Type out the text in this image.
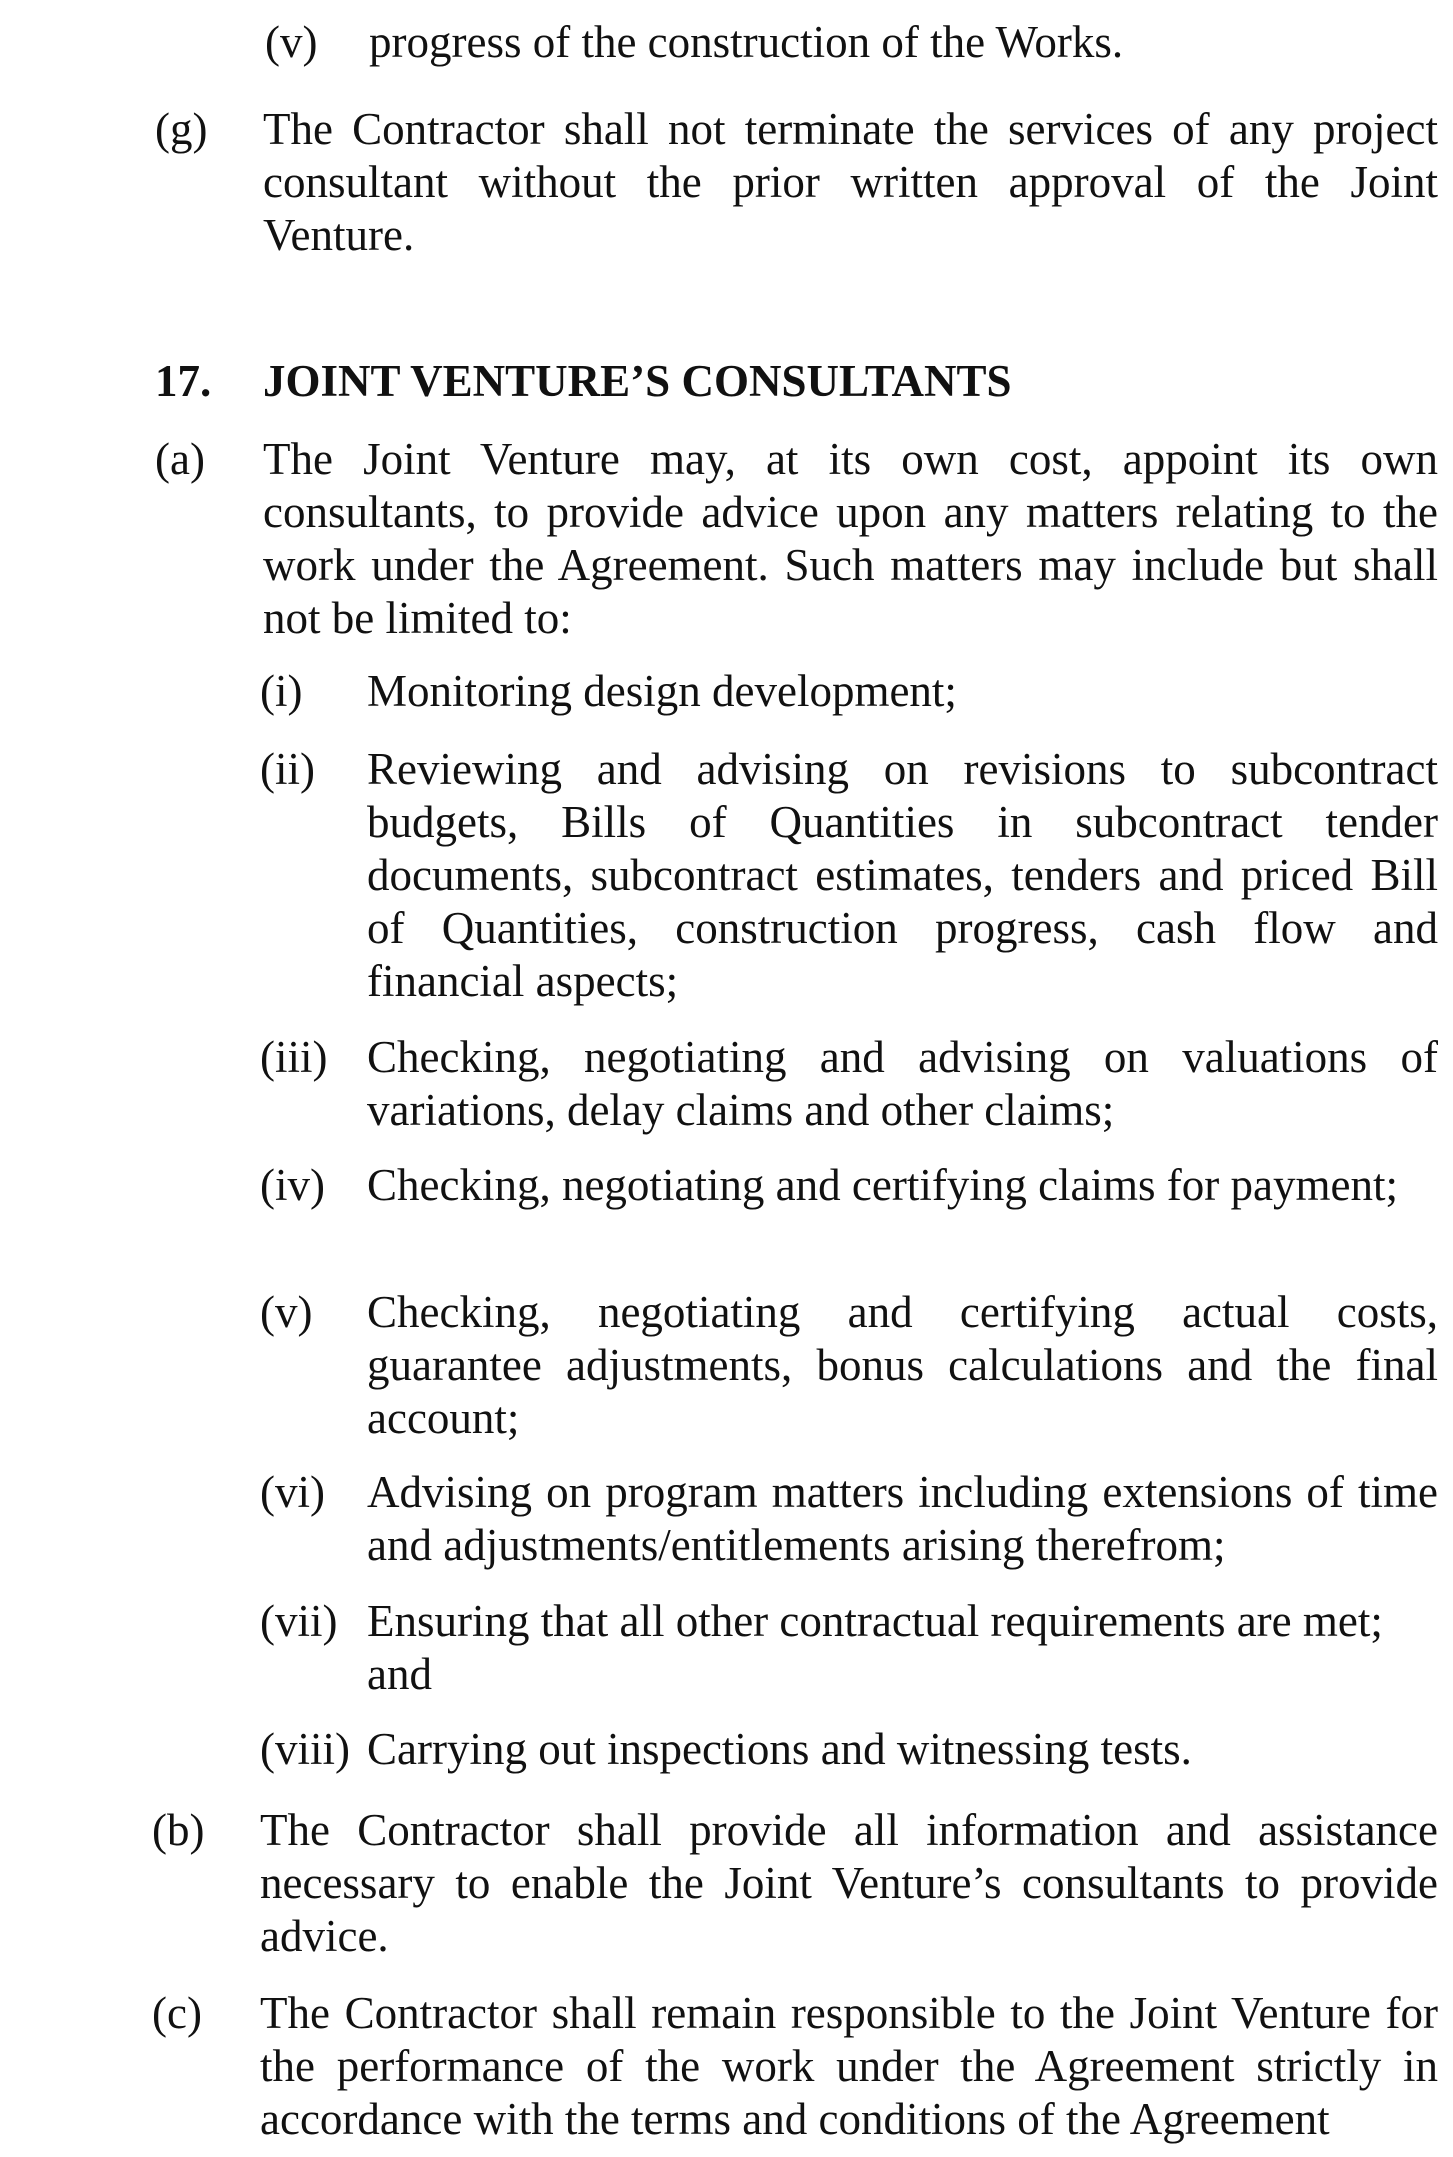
(v)	progress of the construction of the Works.
(g)	The Contractor shall not terminate the services of any project consultant without the prior written approval of the Joint Venture.
17.	JOINT VENTURE’S CONSULTANTS
(a)	The Joint Venture may, at its own cost, appoint its own consultants, to provide advice upon any matters relating to the work under the Agreement. Such matters may include but shall not be limited to:
(i)	Monitoring design development;
(ii)	Reviewing and advising on revisions to subcontract budgets, Bills of Quantities in subcontract tender documents, subcontract estimates, tenders and priced Bill of Quantities, construction progress, cash flow and financial aspects;
(iii) Checking, negotiating and advising on valuations of variations, delay claims and other claims;
(iv) Checking, negotiating and certifying claims for payment;
(v)	Checking, negotiating and certifying actual costs, guarantee adjustments, bonus calculations and the final account;
(vi) Advising on program matters including extensions of time and adjustments/entitlements arising therefrom;
(vii) Ensuring that all other contractual requirements are met; and
(viii) Carrying out inspections and witnessing tests.
(b)	The Contractor shall provide all information and assistance necessary to enable the Joint Venture’s consultants to provide advice.
(c)	The Contractor shall remain responsible to the Joint Venture for the performance of the work under the Agreement strictly in accordance with the terms and conditions of the Agreement
